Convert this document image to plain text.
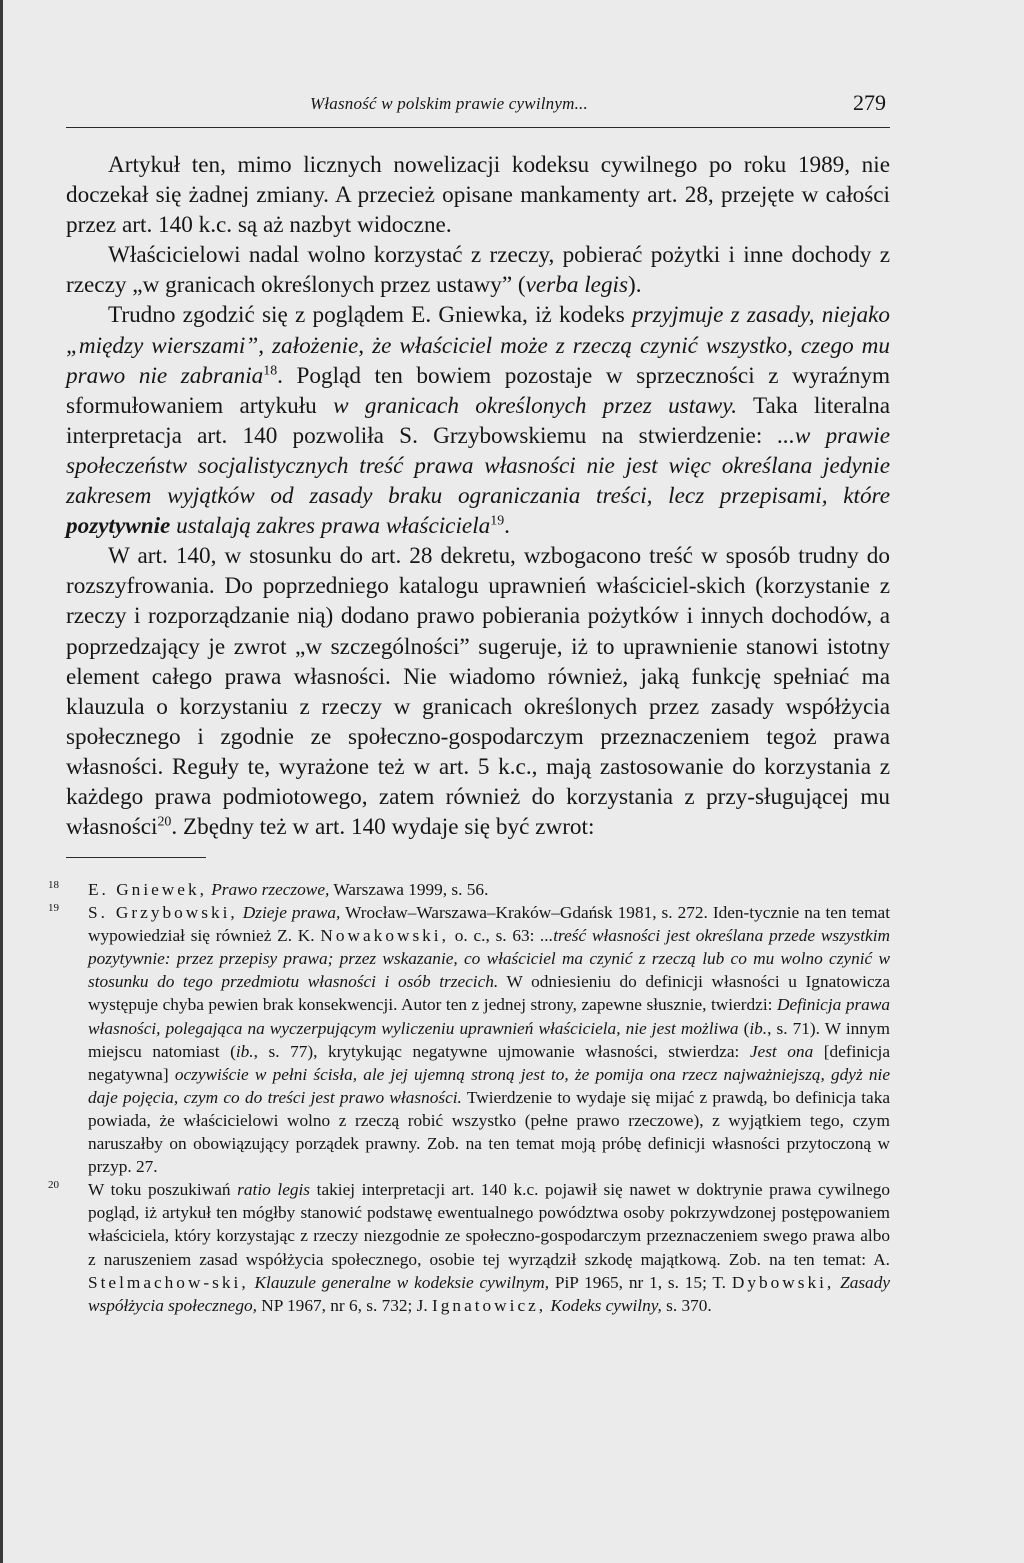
Własność w polskim prawie cywilnym...	279

Artykuł ten, mimo licznych nowelizacji kodeksu cywilnego po roku 1989, nie doczekał się żadnej zmiany. A przecież opisane mankamenty art. 28, przejęte w całości przez art. 140 k.c. są aż nazbyt widoczne.

Właścicielowi nadal wolno korzystać z rzeczy, pobierać pożytki i inne dochody z rzeczy „w granicach określonych przez ustawy” (verba legis).

Trudno zgodzić się z poglądem E. Gniewka, iż kodeks przyjmuje z zasady, niejako „między wierszami”, założenie, że właściciel może z rzeczą czynić wszystko, czego mu prawo nie zabrania$^{18}$. Pogląd ten bowiem pozostaje w sprzeczności z wyraźnym sformułowaniem artykułu w granicach określonych przez ustawy. Taka literalna interpretacja art. 140 pozwoliła S. Grzybowskiemu na stwierdzenie: ...w prawie społeczeństw socjalistycznych treść prawa własności nie jest więc określana jedynie zakresem wyjątków od zasady braku ograniczania treści, lecz przepisami, które pozytywnie ustalają zakres prawa właściciela$^{19}$.

W art. 140, w stosunku do art. 28 dekretu, wzbogacono treść w sposób trudny do rozszyfrowania. Do poprzedniego katalogu uprawnień właściciel-skich (korzystanie z rzeczy i rozporządzanie nią) dodano prawo pobierania pożytków i innych dochodów, a poprzedzający je zwrot „w szczególności” sugeruje, iż to uprawnienie stanowi istotny element całego prawa własności. Nie wiadomo również, jaką funkcję spełniać ma klauzula o korzystaniu z rzeczy w granicach określonych przez zasady współżycia społecznego i zgodnie ze społeczno-gospodarczym przeznaczeniem tegoż prawa własności. Reguły te, wyrażone też w art. 5 k.c., mają zastosowanie do korzystania z każdego prawa podmiotowego, zatem również do korzystania z przy-sługującej mu własności$^{20}$. Zbędny też w art. 140 wydaje się być zwrot:

18 E. Gniewek, Prawo rzeczowe, Warszawa 1999, s. 56.
19 S. Grzybowski, Dzieje prawa, Wrocław–Warszawa–Kraków–Gdańsk 1981, s. 272. Iden-tycznie na ten temat wypowiedział się również Z. K. Nowakowski, o. c., s. 63: ...treść własności jest określana przede wszystkim pozytywnie: przez przepisy prawa; przez wskazanie, co właściciel ma czynić z rzeczą lub co mu wolno czynić w stosunku do tego przedmiotu własności i osób trzecich. W odniesieniu do definicji własności u Ignatowicza występuje chyba pewien brak konsekwencji. Autor ten z jednej strony, zapewne słusznie, twierdzi: Definicja prawa własności, polegająca na wyczerpującym wyliczeniu uprawnień właściciela, nie jest możliwa (ib., s. 71). W innym miejscu natomiast (ib., s. 77), krytykując negatywne ujmowanie własności, stwierdza: Jest ona [definicja negatywna] oczywiście w pełni ścisła, ale jej ujemną stroną jest to, że pomija ona rzecz najważniejszą, gdyż nie daje pojęcia, czym co do treści jest prawo własności. Twierdzenie to wydaje się mijać z prawdą, bo definicja taka powiada, że właścicielowi wolno z rzeczą robić wszystko (pełne prawo rzeczowe), z wyjątkiem tego, czym naruszałby on obowiązujący porządek prawny. Zob. na ten temat moją próbę definicji własności przytoczoną w przyp. 27.
20 W toku poszukiwań ratio legis takiej interpretacji art. 140 k.c. pojawił się nawet w doktrynie prawa cywilnego pogląd, iż artykuł ten mógłby stanowić podstawę ewentualnego powództwa osoby pokrzywdzonej postępowaniem właściciela, który korzystając z rzeczy niezgodnie ze społeczno-gospodarczym przeznaczeniem swego prawa albo z naruszeniem zasad współżycia społecznego, osobie tej wyrządził szkodę majątkową. Zob. na ten temat: A. Stelmachow-ski, Klauzule generalne w kodeksie cywilnym, PiP 1965, nr 1, s. 15; T. Dybowski, Zasady współżycia społecznego, NP 1967, nr 6, s. 732; J. Ignatowicz, Kodeks cywilny, s. 370.
